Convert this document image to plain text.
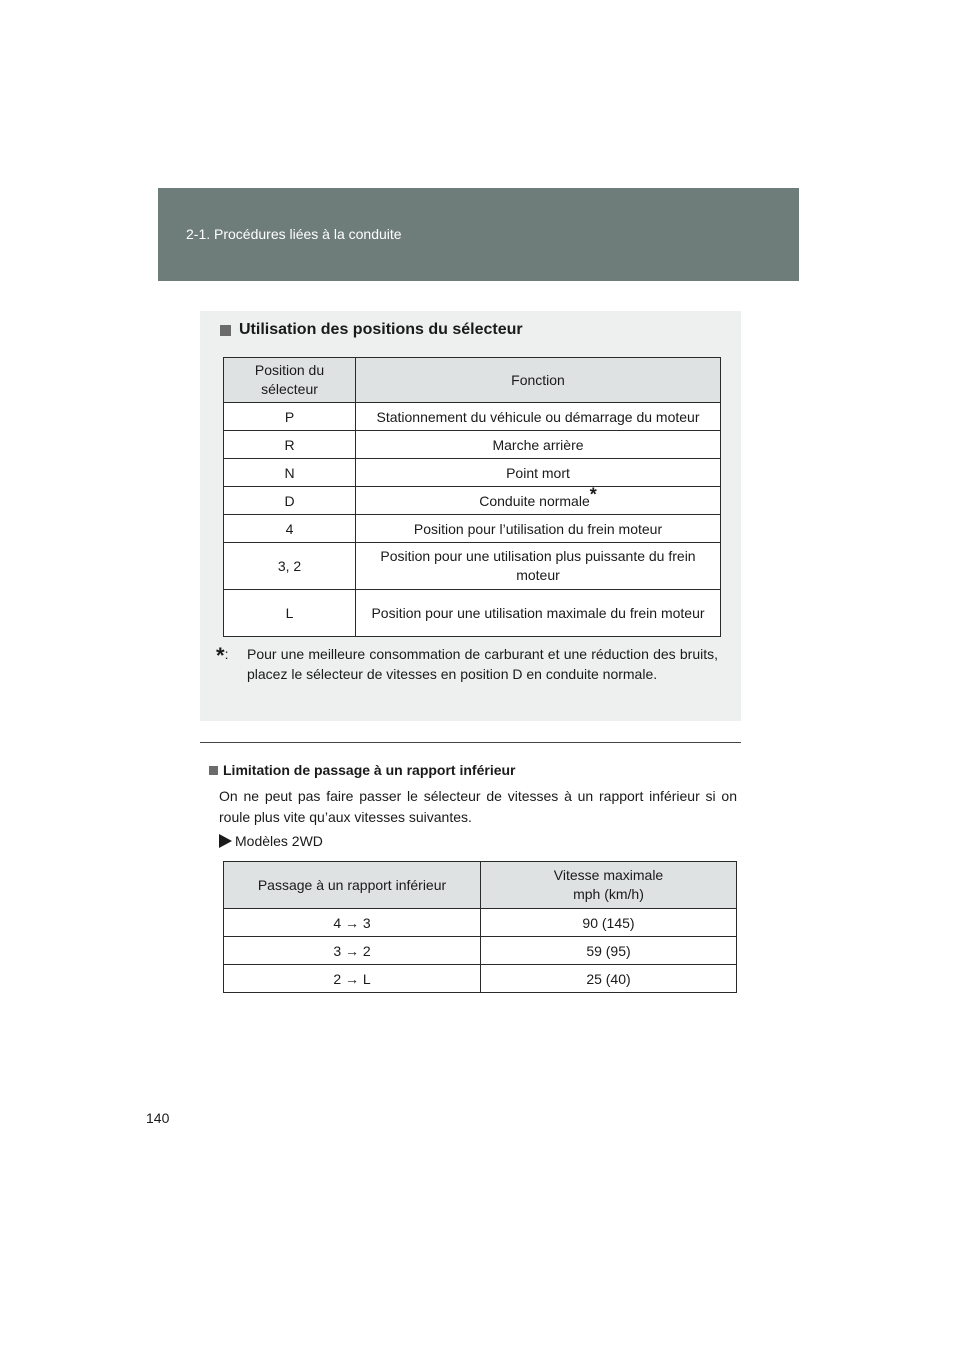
2-1. Procédures liées à la conduite
Utilisation des positions du sélecteur
Position du sélecteur	Fonction
P	Stationnement du véhicule ou démarrage du moteur
R	Marche arrière
N	Point mort
D	Conduite normale*
4	Position pour l’utilisation du frein moteur
3, 2	Position pour une utilisation plus puissante du frein moteur
L	Position pour une utilisation maximale du frein moteur
*:	Pour une meilleure consommation de carburant et une réduction des bruits, placez le sélecteur de vitesses en position D en conduite normale.
Limitation de passage à un rapport inférieur
On ne peut pas faire passer le sélecteur de vitesses à un rapport inférieur si on roule plus vite qu’aux vitesses suivantes.
Modèles 2WD
Passage à un rapport inférieur	Vitesse maximale
mph (km/h)
4 → 3	90 (145)
3 → 2	59 (95)
2 → L	25 (40)
140
